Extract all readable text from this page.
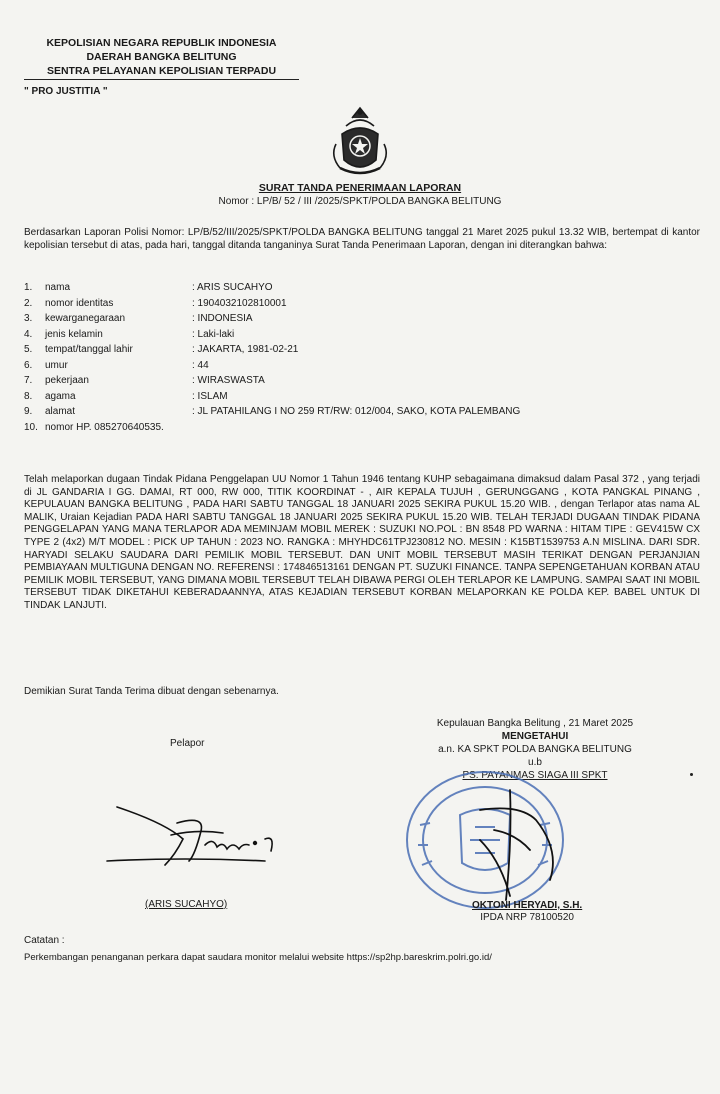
KEPOLISIAN NEGARA REPUBLIK INDONESIA
DAERAH BANGKA BELITUNG
SENTRA PELAYANAN KEPOLISIAN TERPADU
" PRO JUSTITIA "
SURAT TANDA PENERIMAAN LAPORAN
Nomor : LP/B/ 52 / III /2025/SPKT/POLDA BANGKA BELITUNG
Berdasarkan Laporan Polisi Nomor: LP/B/52/III/2025/SPKT/POLDA BANGKA BELITUNG tanggal 21 Maret 2025 pukul 13.32 WIB, bertempat di kantor kepolisian tersebut di atas, pada hari, tanggal ditanda tanganinya Surat Tanda Penerimaan Laporan, dengan ini diterangkan bahwa:
1. nama	: ARIS SUCAHYO
2. nomor identitas	: 1904032102810001
3. kewarganegaraan	: INDONESIA
4. jenis kelamin	: Laki-laki
5. tempat/tanggal lahir	: JAKARTA, 1981-02-21
6. umur	: 44
7. pekerjaan	: WIRASWASTA
8. agama	: ISLAM
9. alamat	: JL PATAHILANG I NO 259 RT/RW: 012/004, SAKO, KOTA PALEMBANG
10. nomor HP. 085270640535.
Telah melaporkan dugaan Tindak Pidana Penggelapan UU Nomor 1 Tahun 1946 tentang KUHP sebagaimana dimaksud dalam Pasal 372 , yang terjadi di JL GANDARIA I GG. DAMAI, RT 000, RW 000, TITIK KOORDINAT - , AIR KEPALA TUJUH , GERUNGGANG , KOTA PANGKAL PINANG , KEPULAUAN BANGKA BELITUNG , PADA HARI SABTU TANGGAL 18 JANUARI 2025 SEKIRA PUKUL 15.20 WIB. , dengan Terlapor atas nama AL MALIK, Uraian Kejadian PADA HARI SABTU TANGGAL 18 JANUARI 2025 SEKIRA PUKUL 15.20 WIB. TELAH TERJADI DUGAAN TINDAK PIDANA PENGGELAPAN YANG MANA TERLAPOR ADA MEMINJAM MOBIL MEREK : SUZUKI NO.POL : BN 8548 PD WARNA : HITAM TIPE : GEV415W CX TYPE 2 (4x2) M/T MODEL : PICK UP TAHUN : 2023 NO. RANGKA : MHYHDC61TPJ230812 NO. MESIN : K15BT1539753 A.N MISLINA. DARI SDR. HARYADI SELAKU SAUDARA DARI PEMILIK MOBIL TERSEBUT. DAN UNIT MOBIL TERSEBUT MASIH TERIKAT DENGAN PERJANJIAN PEMBIAYAAN MULTIGUNA DENGAN NO. REFERENSI : 174846513161 DENGAN PT. SUZUKI FINANCE. TANPA SEPENGETAHUAN KORBAN ATAU PEMILIK MOBIL TERSEBUT, YANG DIMANA MOBIL TERSEBUT TELAH DIBAWA PERGI OLEH TERLAPOR KE LAMPUNG. SAMPAI SAAT INI MOBIL TERSEBUT TIDAK DIKETAHUI KEBERADAANNYA, ATAS KEJADIAN TERSEBUT KORBAN MELAPORKAN KE POLDA KEP. BABEL UNTUK DI TINDAK LANJUTI.
Demikian Surat Tanda Terima dibuat dengan sebenarnya.
Kepulauan Bangka Belitung , 21 Maret 2025
MENGETAHUI
a.n. KA SPKT POLDA BANGKA BELITUNG
u.b
PS. PAYANMAS SIAGA III SPKT
Pelapor
(ARIS SUCAHYO)	OKTONI HERYADI, S.H.
IPDA NRP 78100520
Catatan :
Perkembangan penanganan perkara dapat saudara monitor melalui website https://sp2hp.bareskrim.polri.go.id/
